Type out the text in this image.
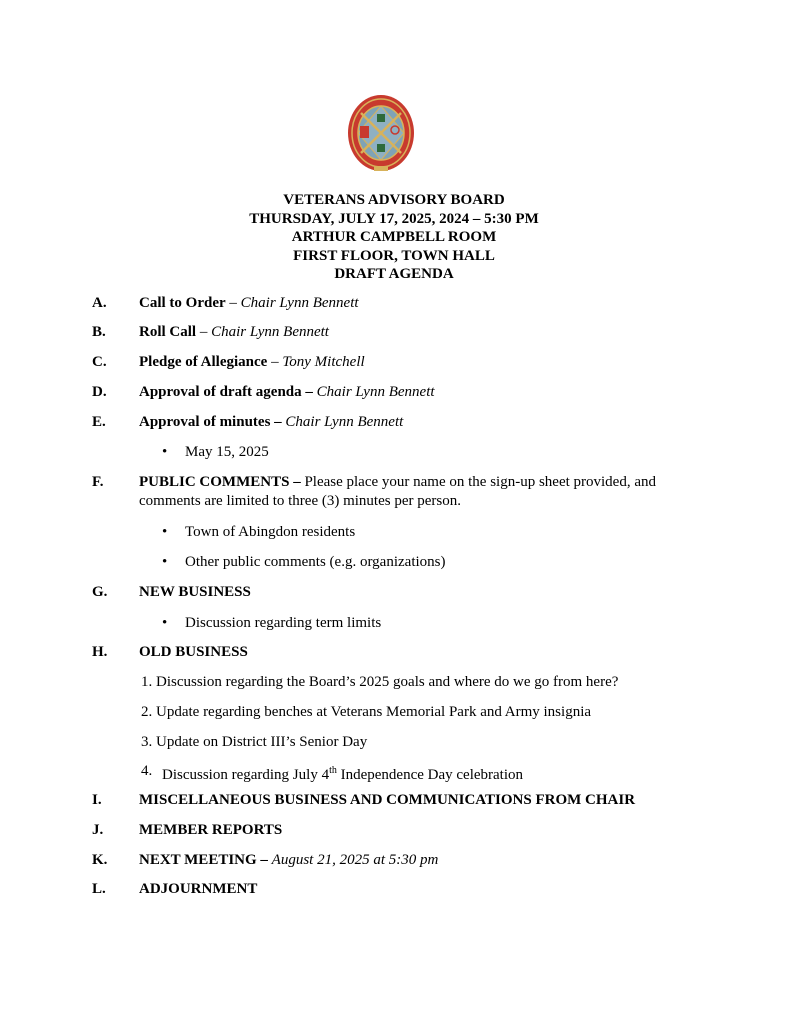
VETERANS ADVISORY BOARD
THURSDAY, JULY 17, 2025, 2024 – 5:30 PM
ARTHUR CAMPBELL ROOM
FIRST FLOOR, TOWN HALL
DRAFT AGENDA
A. Call to Order – Chair Lynn Bennett
B. Roll Call – Chair Lynn Bennett
C. Pledge of Allegiance – Tony Mitchell
D. Approval of draft agenda – Chair Lynn Bennett
E. Approval of minutes – Chair Lynn Bennett
• May 15, 2025
F. PUBLIC COMMENTS – Please place your name on the sign-up sheet provided, and
comments are limited to three (3) minutes per person.
• Town of Abingdon residents
• Other public comments (e.g. organizations)
G. NEW BUSINESS
• Discussion regarding term limits
H. OLD BUSINESS
1. Discussion regarding the Board’s 2025 goals and where do we go from here?
2. Update regarding benches at Veterans Memorial Park and Army insignia
3. Update on District III’s Senior Day
4. Discussion regarding July 4th Independence Day celebration
I. MISCELLANEOUS BUSINESS AND COMMUNICATIONS FROM CHAIR
J. MEMBER REPORTS
K. NEXT MEETING – August 21, 2025 at 5:30 pm
L. ADJOURNMENT
